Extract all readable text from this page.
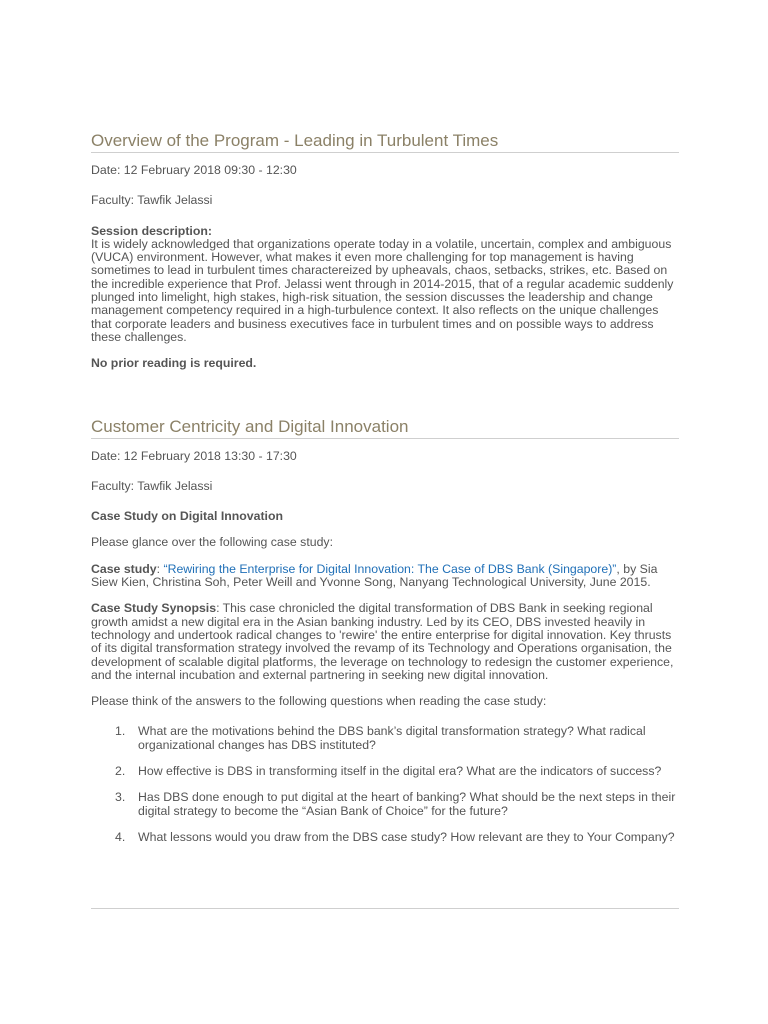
Overview of the Program - Leading in Turbulent Times

Date: 12 February 2018 09:30 - 12:30

Faculty: Tawfik Jelassi

Session description:

It is widely acknowledged that organizations operate today in a volatile, uncertain, complex and ambiguous (VUCA) environment. However, what makes it even more challenging for top management is having sometimes to lead in turbulent times charactereized by upheavals, chaos, setbacks, strikes, etc. Based on the incredible experience that Prof. Jelassi went through in 2014-2015, that of a regular academic suddenly plunged into limelight, high stakes, high-risk situation, the session discusses the leadership and change management competency required in a high-turbulence context. It also reflects on the unique challenges that corporate leaders and business executives face in turbulent times and on possible ways to address these challenges.

No prior reading is required.

Customer Centricity and Digital Innovation

Date: 12 February 2018 13:30 - 17:30

Faculty: Tawfik Jelassi

Case Study on Digital Innovation

Please glance over the following case study:

Case study: “Rewiring the Enterprise for Digital Innovation: The Case of DBS Bank (Singapore)”, by Sia Siew Kien, Christina Soh, Peter Weill and Yvonne Song, Nanyang Technological University, June 2015.

Case Study Synopsis: This case chronicled the digital transformation of DBS Bank in seeking regional growth amidst a new digital era in the Asian banking industry. Led by its CEO, DBS invested heavily in technology and undertook radical changes to 'rewire' the entire enterprise for digital innovation. Key thrusts of its digital transformation strategy involved the revamp of its Technology and Operations organisation, the development of scalable digital platforms, the leverage on technology to redesign the customer experience, and the internal incubation and external partnering in seeking new digital innovation.

Please think of the answers to the following questions when reading the case study:

1. What are the motivations behind the DBS bank’s digital transformation strategy? What radical organizational changes has DBS instituted?
2. How effective is DBS in transforming itself in the digital era? What are the indicators of success?
3. Has DBS done enough to put digital at the heart of banking? What should be the next steps in their digital strategy to become the “Asian Bank of Choice” for the future?
4. What lessons would you draw from the DBS case study? How relevant are they to Your Company?
